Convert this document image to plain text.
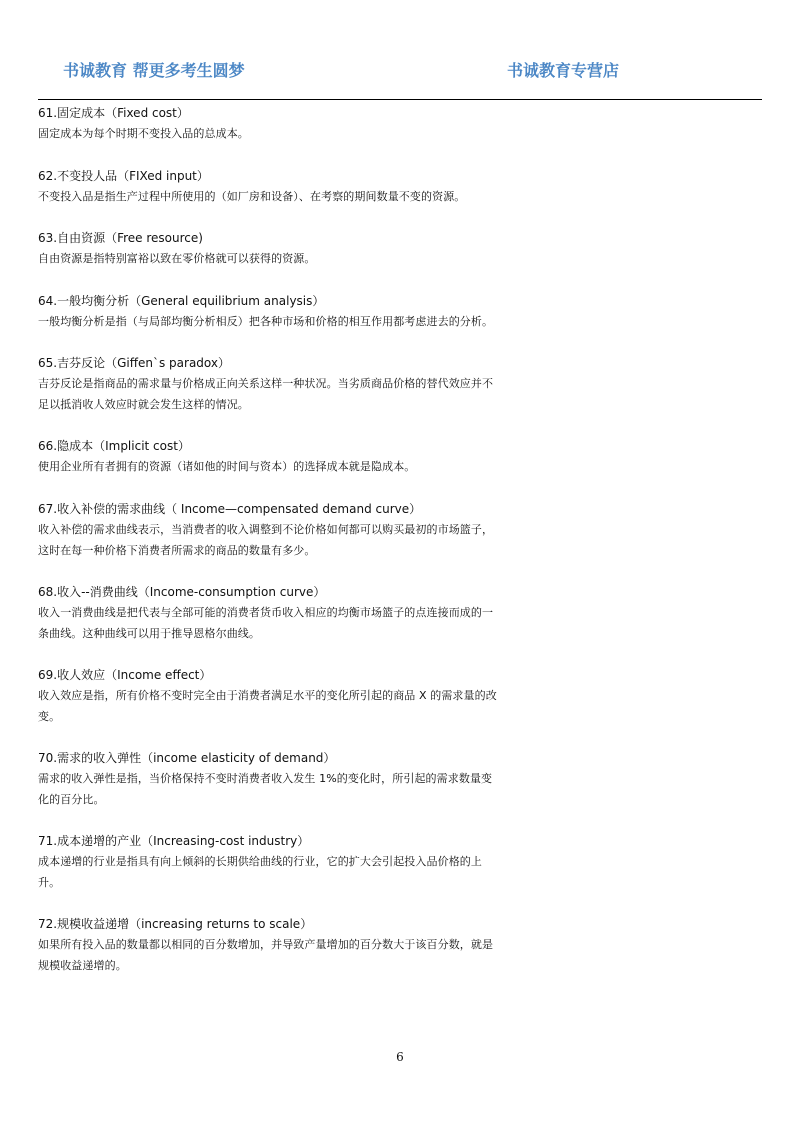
书诚教育 帮更多考生圆梦	书诚教育专营店
61.固定成本（Fixed cost）
固定成本为每个时期不变投入品的总成本。
62.不变投人品（FIXed input）
不变投入品是指生产过程中所使用的（如厂房和设备）、在考察的期间数量不变的资源。
63.自由资源（Free resource)
自由资源是指特别富裕以致在零价格就可以获得的资源。
64.一般均衡分析（General equilibrium analysis）
一般均衡分析是指（与局部均衡分析相反）把各种市场和价格的相互作用都考虑进去的分析。
65.吉芬反论（Giffen`s paradox）
吉芬反论是指商品的需求量与价格成正向关系这样一种状况。当劣质商品价格的替代效应并不足以抵消收人效应时就会发生这样的情况。
66.隐成本（Implicit cost）
使用企业所有者拥有的资源（诸如他的时间与资本）的选择成本就是隐成本。
67.收入补偿的需求曲线（ Income—compensated demand curve）
收入补偿的需求曲线表示，当消费者的收入调整到不论价格如何都可以购买最初的市场篮子，这时在每一种价格下消费者所需求的商品的数量有多少。
68.收入--消费曲线（Income-consumption curve）
收入一消费曲线是把代表与全部可能的消费者货币收入相应的均衡市场篮子的点连接而成的一条曲线。这种曲线可以用于推导恩格尔曲线。
69.收人效应（Income effect）
收入效应是指，所有价格不变时完全由于消费者满足水平的变化所引起的商品 X 的需求量的改变。
70.需求的收入弹性（income elasticity of demand）
需求的收入弹性是指，当价格保持不变时消费者收入发生 1%的变化时，所引起的需求数量变化的百分比。
71.成本递增的产业（Increasing-cost industry）
成本递增的行业是指具有向上倾斜的长期供给曲线的行业，它的扩大会引起投入品价格的上升。
72.规模收益递增（increasing returns to scale）
如果所有投入品的数量都以相同的百分数增加，并导致产量增加的百分数大于该百分数，就是规模收益递增的。
6
